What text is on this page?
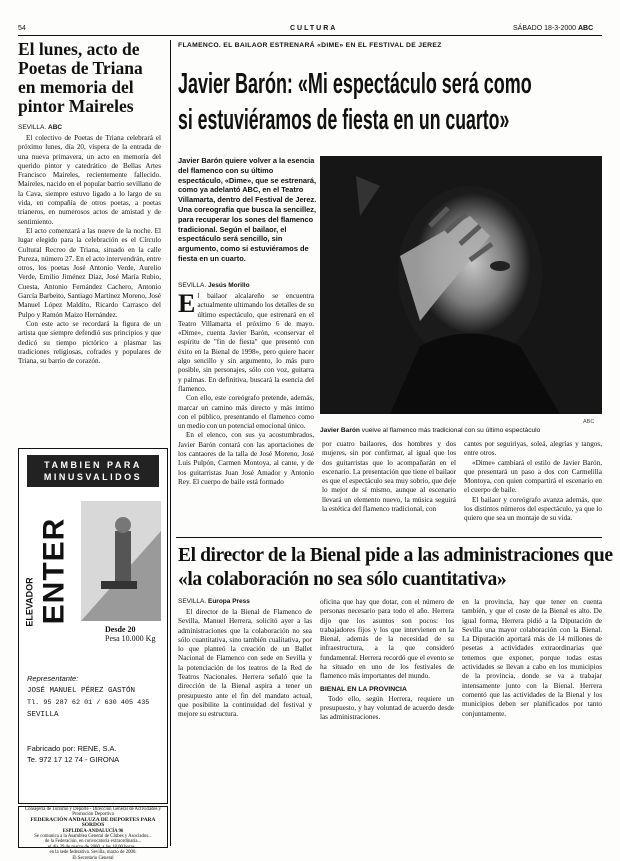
54	CULTURA	SÁBADO 18-3-2000 ABC
El lunes, acto de Poetas de Triana en memoria del pintor Maireles

SEVILLA. ABC

El colectivo de Poetas de Triana celebrará el próximo lunes, día 20, víspera de la entrada de una nueva primavera, un acto en memoria del querido pintor y catedrático de Bellas Artes Francisco Maireles, recientemente fallecido. Maireles, nacido en el popular barrio sevillano de la Cava, siempre estuvo ligado a lo largo de su vida, en compañía de otros poetas, a poetas trianeros, en numerosos actos de amistad y de sentimiento.

El acto comenzará a las nueve de la noche. El lugar elegido para la celebración es el Círculo Cultural Recreo de Triana, situado en la calle Pureza, número 27. En el acto intervendrán, entre otros, los poetas José Antonio Verde, Aurelio Verde, Emilio Jiménez Díaz, José María Rubio, Cuesta, Antonio Fernández Cachero, Antonio García Barbeito, Santiago Martínez Moreno, José Manuel López Maldito, Ricardo Carrasco del Pulpo y Ramón Maizo Hernández.

Con este acto se recordará la figura de un artista que siempre defendió sus principios y que dedicó su tiempo pictórico a plasmar las tradiciones religiosas, cofrades y populares de Triana, su barrio de corazón.

TAMBIEN PARA
MINUSVALIDOS
ELEVADOR ENTER
Desde 20
Pesa 10.000 Kg
Representante:
JOSÉ MANUEL PÉREZ GASTÓN
Tl. 95 287 62 01 / 630 405 435
SEVILLA
Fabricado por: RENE, S.A.
Te. 972 17 12 74 - GIRONA
Consejería de Turismo y Deporte - Dirección General de Actividades y Promoción Deportiva
FEDERACIÓN ANDALUZA DE DEPORTES PARA SORDOS
ESPLIDEA-ANDALUCÍA 96
Se comunica a la Asamblea General de Clubes y Asociados...
de la Federación, en convocatoria extraordinaria...
el día 29 de marzo de 2000, a las 18,00 horas...
en la sede federativa. Sevilla, marzo de 2000.
El Secretario General
FLAMENCO. EL BAILAOR ESTRENARÁ «DIME» EN EL FESTIVAL DE JEREZ
Javier Barón: «Mi espectáculo será como
si estuviéramos de fiesta en un cuarto»
Javier Barón quiere volver a la esencia del flamenco con su último espectáculo, «Dime», que se estrenará, como ya adelantó ABC, en el Teatro Villamarta, dentro del Festival de Jerez. Una coreografía que busca la sencillez, para recuperar los sones del flamenco tradicional. Según el bailaor, el espectáculo será sencillo, sin argumento, como si estuviéramos de fiesta en un cuarto.
ABC
Javier Barón vuelve al flamenco más tradicional con su último espectáculo

SEVILLA. Jesús Morillo

E l bailaor alcalareño se encuentra actualmente ultimando los detalles de su último espectáculo, que estrenará en el Teatro Villamarta el próximo 6 de mayo. «Dime», cuenta Javier Barón, «conservar el espíritu de "fin de fiesta" que presentó con éxito en la Bienal de 1998», pero quiere hacer algo sencillo y sin argumento, lo más puro posible, sin personajes, sólo con voz, guitarra y palmas. En definitiva, buscará la esencia del flamenco.

Con ello, este coreógrafo pretende, además, marcar un camino más directo y más íntimo con el público, presentando el flamenco como un medio con un potencial emocional único.

En el elenco, con sus ya acostumbrados, Javier Barón contará con las aportaciones de los cantaores de la talla de José Moreno, José Luis Pulpón, Carmen Montoya, al cante, y de los guitarristas Juan José Amador y Antonio Rey. El cuerpo de baile está formado

por cuatro bailaores, dos hombres y dos mujeres, sin por confirmar, al igual que los dos guitarristas que lo acompañarán en el escenario. La presentación que tiene el bailaor es que el espectáculo sea muy sobrio, que deje lo mejor de sí mismo, aunque al escenario llevará un elemento nuevo, la música seguirá la estética del flamenco tradicional, con

cantes por seguiriyas, soleá, alegrías y tangos, entre otros.

«Dime» cambiará el estilo de Javier Barón, que presentará un paso a dos con Carmelilla Montoya, con quien compartirá el escenario en el cuerpo de baile.

El bailaor y coreógrafo avanza además, que los distintos números del espectáculo, ya que lo quiero que sea un montaje de su vida.

El director de la Bienal pide a las administraciones que
«la colaboración no sea sólo cuantitativa»

SEVILLA. Europa Press

El director de la Bienal de Flamenco de Sevilla, Manuel Herrera, solicitó ayer a las administraciones que la colaboración no sea sólo cuantitativa, sino también cualitativa, por lo que planteó la creación de un Ballet Nacional de Flamenco con sede en Sevilla y la potenciación de los teatros de la Red de Teatros Nacionales. Herrera señaló que la dirección de la Bienal aspira a tener un presupuesto ante el fin del mandato actual, que posibilite la continuidad del festival y mejore su estructura.

oficina que hay que dotar, con el número de personas necesario para todo el año. Herrera dijo que los asuntos son pocos: los trabajadores fijos y los que intervienen en la Bienal, además de la necesidad de su infraestructura, a la que consideró fundamental. Herrera recordó que el evento se ha situado en uno de los festivales de flamenco más importantes del mundo.

BIENAL EN LA PROVINCIA

Todo ello, según Herrera, requiere un presupuesto, y hay voluntad de acuerdo desde las administraciones.

en la provincia, hay que tener en cuenta también, y que el coste de la Bienal es alto. De igual forma, Herrera pidió a la Diputación de Sevilla una mayor colaboración con la Bienal. La Diputación aportará más de 14 millones de pesetas a actividades extraordinarias que tenemos que exponer, porque todas estas actividades se llevan a cabo en los municipios de la provincia, donde se va a trabajar intensamente junto con la Bienal. Herrera comentó que las actividades de la Bienal y los municipios deben ser planificados por tanto conjuntamente.
